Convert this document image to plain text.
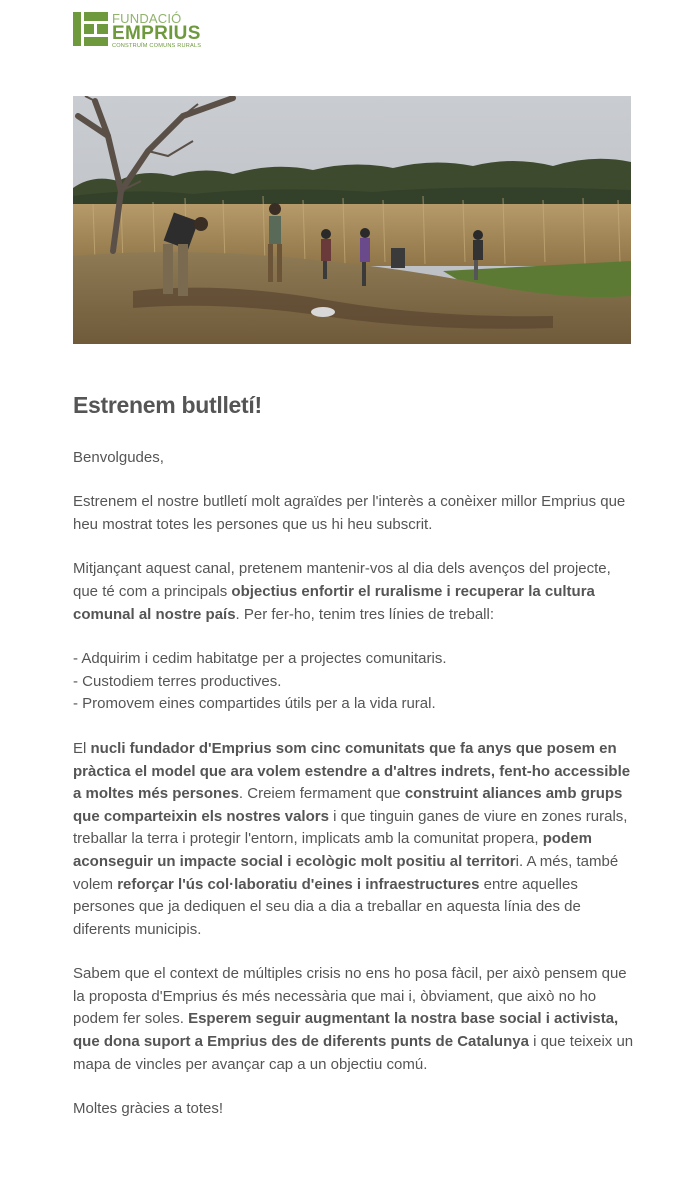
FUNDACIÓ
EMPRIUS
CONSTRUÏM COMUNS RURALS
Estrenem butlletí!

Benvolgudes,

Estrenem el nostre butlletí molt agraïdes per l'interès a conèixer millor Emprius que heu mostrat totes les persones que us hi heu subscrit.

Mitjançant aquest canal, pretenem mantenir-vos al dia dels avenços del projecte, que té com a principals objectius enfortir el ruralisme i recuperar la cultura comunal al nostre país. Per fer-ho, tenim tres línies de treball:

- Adquirim i cedim habitatge per a projectes comunitaris.

- Custodiem terres productives.

- Promovem eines compartides útils per a la vida rural.

El nucli fundador d'Emprius som cinc comunitats que fa anys que posem en pràctica el model que ara volem estendre a d'altres indrets, fent-ho accessible a moltes més persones. Creiem fermament que construint aliances amb grups que comparteixin els nostres valors i que tinguin ganes de viure en zones rurals, treballar la terra i protegir l'entorn, implicats amb la comunitat propera, podem aconseguir un impacte social i ecològic molt positiu al territori. A més, també volem reforçar l'ús col·laboratiu d'eines i infraestructures entre aquelles persones que ja dediquen el seu dia a dia a treballar en aquesta línia des de diferents municipis.

Sabem que el context de múltiples crisis no ens ho posa fàcil, per això pensem que la proposta d'Emprius és més necessària que mai i, òbviament, que això no ho podem fer soles. Esperem seguir augmentant la nostra base social i activista, que dona suport a Emprius des de diferents punts de Catalunya i que teixeix un mapa de vincles per avançar cap a un objectiu comú.

Moltes gràcies a totes!
